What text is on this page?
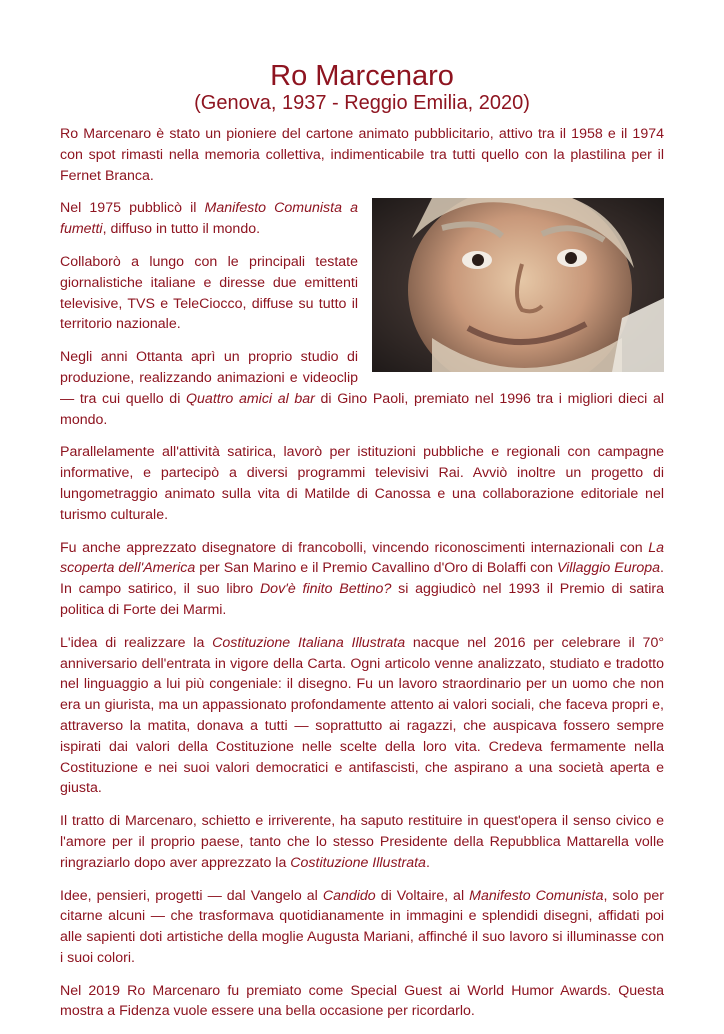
Ro Marcenaro
(Genova, 1937 - Reggio Emilia, 2020)

Ro Marcenaro è stato un pioniere del cartone animato pubblicitario, attivo tra il 1958 e il 1974 con spot rimasti nella memoria collettiva, indimenticabile tra tutti quello con la plastilina per il Fernet Branca.

Nel 1975 pubblicò il Manifesto Comunista a fumetti, diffuso in tutto il mondo.

Collaborò a lungo con le principali testate giornalistiche italiane e diresse due emittenti televisive, TVS e TeleCiocco, diffuse su tutto il territorio nazionale.

Negli anni Ottanta aprì un proprio studio di produzione, realizzando animazioni e videoclip — tra cui quello di Quattro amici al bar di Gino Paoli, premiato nel 1996 tra i migliori dieci al mondo.

Parallelamente all'attività satirica, lavorò per istituzioni pubbliche e regionali con campagne informative, e partecipò a diversi programmi televisivi Rai. Avviò inoltre un progetto di lungometraggio animato sulla vita di Matilde di Canossa e una collaborazione editoriale nel turismo culturale.

Fu anche apprezzato disegnatore di francobolli, vincendo riconoscimenti internazionali con La scoperta dell'America per San Marino e il Premio Cavallino d'Oro di Bolaffi con Villaggio Europa. In campo satirico, il suo libro Dov'è finito Bettino? si aggiudicò nel 1993 il Premio di satira politica di Forte dei Marmi.

L'idea di realizzare la Costituzione Italiana Illustrata nacque nel 2016 per celebrare il 70° anniversario dell'entrata in vigore della Carta. Ogni articolo venne analizzato, studiato e tradotto nel linguaggio a lui più congeniale: il disegno. Fu un lavoro straordinario per un uomo che non era un giurista, ma un appassionato profondamente attento ai valori sociali, che faceva propri e, attraverso la matita, donava a tutti — soprattutto ai ragazzi, che auspicava fossero sempre ispirati dai valori della Costituzione nelle scelte della loro vita. Credeva fermamente nella Costituzione e nei suoi valori democratici e antifascisti, che aspirano a una società aperta e giusta.

Il tratto di Marcenaro, schietto e irriverente, ha saputo restituire in quest'opera il senso civico e l'amore per il proprio paese, tanto che lo stesso Presidente della Repubblica Mattarella volle ringraziarlo dopo aver apprezzato la Costituzione Illustrata.

Idee, pensieri, progetti — dal Vangelo al Candido di Voltaire, al Manifesto Comunista, solo per citarne alcuni — che trasformava quotidianamente in immagini e splendidi disegni, affidati poi alle sapienti doti artistiche della moglie Augusta Mariani, affinché il suo lavoro si illuminasse con i suoi colori.

Nel 2019 Ro Marcenaro fu premiato come Special Guest ai World Humor Awards. Questa mostra a Fidenza vuole essere una bella occasione per ricordarlo.
